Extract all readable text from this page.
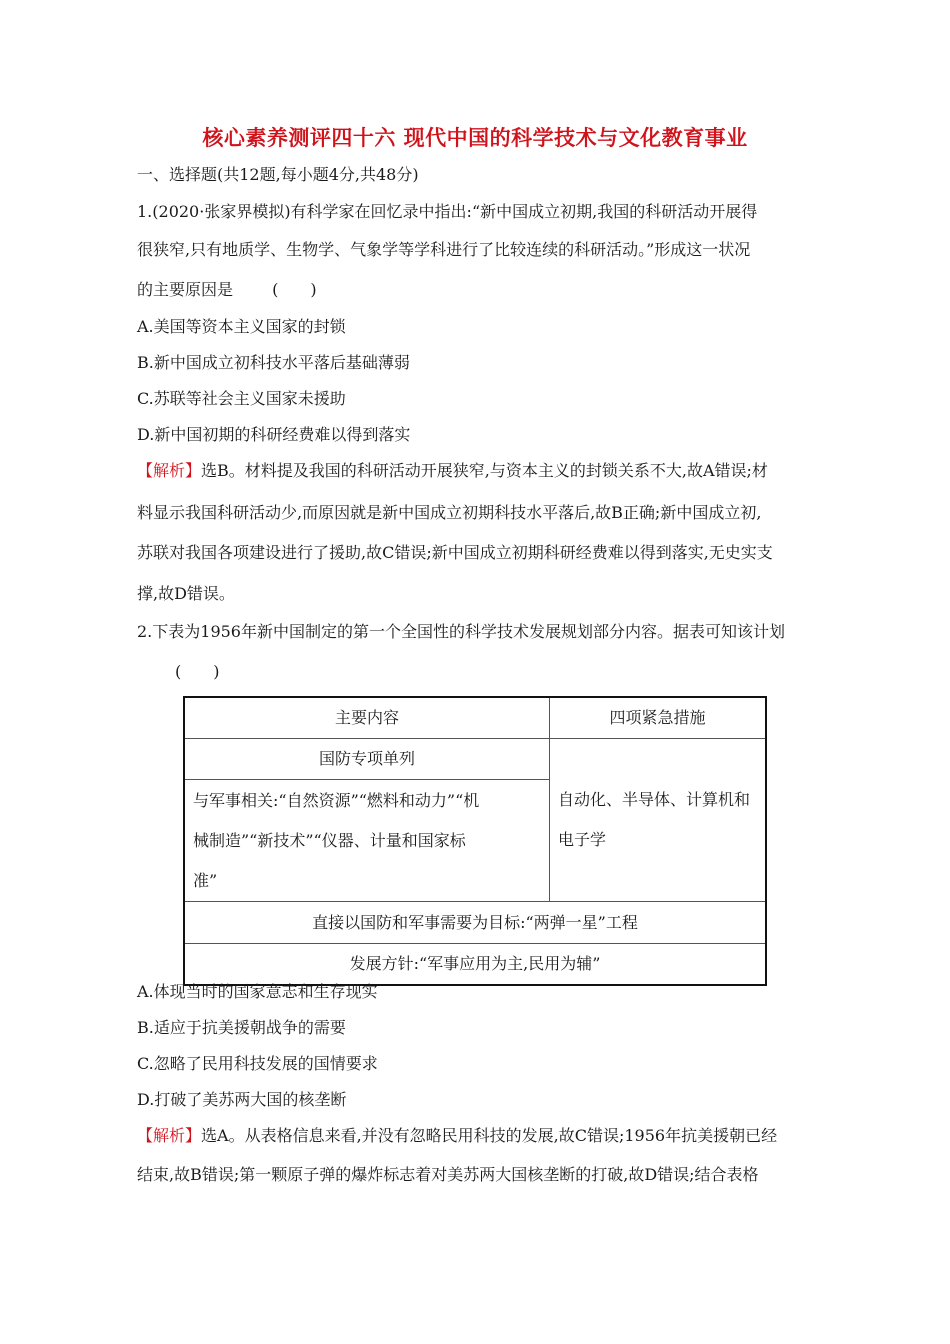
核心素养测评四十六 现代中国的科学技术与文化教育事业
一、选择题(共12题,每小题4分,共48分)
1.(2020·张家界模拟)有科学家在回忆录中指出:“新中国成立初期,我国的科研活动开展得
很狭窄,只有地质学、生物学、气象学等学科进行了比较连续的科研活动。”形成这一状况
的主要原因是 (　　)
A.美国等资本主义国家的封锁
B.新中国成立初科技水平落后基础薄弱
C.苏联等社会主义国家未援助
D.新中国初期的科研经费难以得到落实
【解析】选B。材料提及我国的科研活动开展狭窄,与资本主义的封锁关系不大,故A错误;材
料显示我国科研活动少,而原因就是新中国成立初期科技水平落后,故B正确;新中国成立初,
苏联对我国各项建设进行了援助,故C错误;新中国成立初期科研经费难以得到落实,无史实支
撑,故D错误。
2.下表为1956年新中国制定的第一个全国性的科学技术发展规划部分内容。据表可知该计划
(　　)
主要内容	四项紧急措施
国防专项单列	自动化、半导体、计算机和
电子学

与军事相关:“自然资源”“燃料和动力”“机
械制造”“新技术”“仪器、计量和国家标
准”	

直接以国防和军事需要为目标:“两弹一星”工程	
发展方针:“军事应用为主,民用为辅”	
A.体现当时的国家意志和生存现实
B.适应于抗美援朝战争的需要
C.忽略了民用科技发展的国情要求
D.打破了美苏两大国的核垄断
【解析】选A。从表格信息来看,并没有忽略民用科技的发展,故C错误;1956年抗美援朝已经
结束,故B错误;第一颗原子弹的爆炸标志着对美苏两大国核垄断的打破,故D错误;结合表格
